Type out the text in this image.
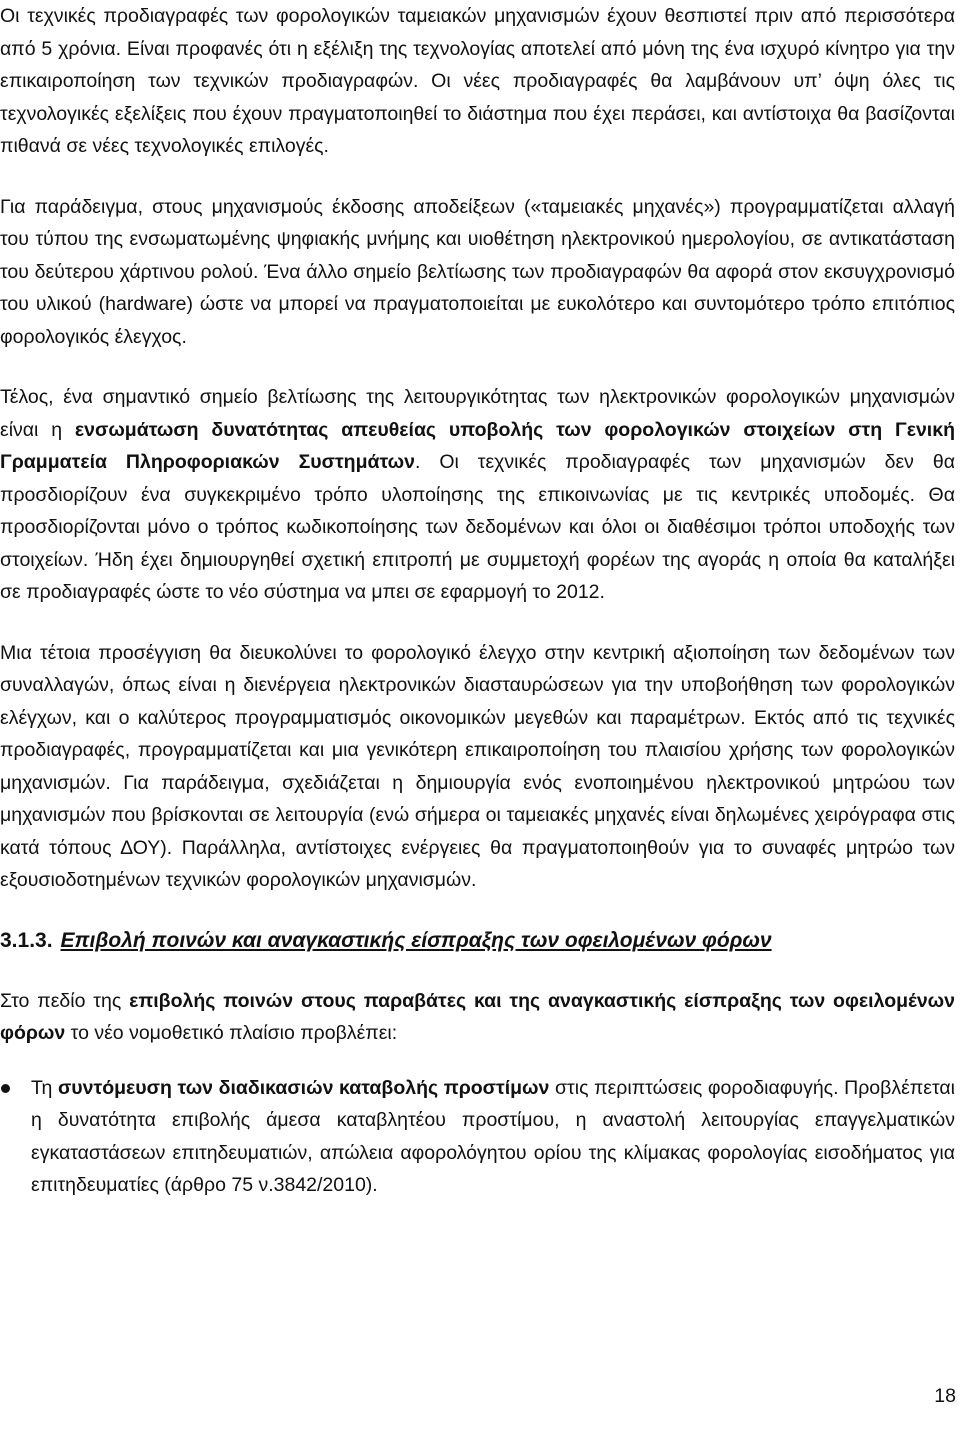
Οι τεχνικές προδιαγραφές των φορολογικών ταμειακών μηχανισμών έχουν θεσπιστεί πριν από περισσότερα από 5 χρόνια. Είναι προφανές ότι η εξέλιξη της τεχνολογίας αποτελεί από μόνη της ένα ισχυρό κίνητρο για την επικαιροποίηση των τεχνικών προδιαγραφών. Οι νέες προδιαγραφές θα λαμβάνουν υπ’ όψη όλες τις τεχνολογικές εξελίξεις που έχουν πραγματοποιηθεί το διάστημα που έχει περάσει, και αντίστοιχα θα βασίζονται πιθανά σε νέες τεχνολογικές επιλογές.

Για παράδειγμα, στους μηχανισμούς έκδοσης αποδείξεων («ταμειακές μηχανές») προγραμματίζεται αλλαγή του τύπου της ενσωματωμένης ψηφιακής μνήμης και υιοθέτηση ηλεκτρονικού ημερολογίου, σε αντικατάσταση του δεύτερου χάρτινου ρολού. Ένα άλλο σημείο βελτίωσης των προδιαγραφών θα αφορά στον εκσυγχρονισμό του υλικού (hardware) ώστε να μπορεί να πραγματοποιείται με ευκολότερο και συντομότερο τρόπο επιτόπιος φορολογικός έλεγχος.

Τέλος, ένα σημαντικό σημείο βελτίωσης της λειτουργικότητας των ηλεκτρονικών φορολογικών μηχανισμών είναι η ενσωμάτωση δυνατότητας απευθείας υποβολής των φορολογικών στοιχείων στη Γενική Γραμματεία Πληροφοριακών Συστημάτων. Οι τεχνικές προδιαγραφές των μηχανισμών δεν θα προσδιορίζουν ένα συγκεκριμένο τρόπο υλοποίησης της επικοινωνίας με τις κεντρικές υποδομές. Θα προσδιορίζονται μόνο ο τρόπος κωδικοποίησης των δεδομένων και όλοι οι διαθέσιμοι τρόποι υποδοχής των στοιχείων. Ήδη έχει δημιουργηθεί σχετική επιτροπή με συμμετοχή φορέων της αγοράς η οποία θα καταλήξει σε προδιαγραφές ώστε το νέο σύστημα να μπει σε εφαρμογή το 2012.

Μια τέτοια προσέγγιση θα διευκολύνει το φορολογικό έλεγχο στην κεντρική αξιοποίηση των δεδομένων των συναλλαγών, όπως είναι η διενέργεια ηλεκτρονικών διασταυρώσεων για την υποβοήθηση των φορολογικών ελέγχων, και ο καλύτερος προγραμματισμός οικονομικών μεγεθών και παραμέτρων. Εκτός από τις τεχνικές προδιαγραφές, προγραμματίζεται και μια γενικότερη επικαιροποίηση του πλαισίου χρήσης των φορολογικών μηχανισμών. Για παράδειγμα, σχεδιάζεται η δημιουργία ενός ενοποιημένου ηλεκτρονικού μητρώου των μηχανισμών που βρίσκονται σε λειτουργία (ενώ σήμερα οι ταμειακές μηχανές είναι δηλωμένες χειρόγραφα στις κατά τόπους ΔΟΥ). Παράλληλα, αντίστοιχες ενέργειες θα πραγματοποιηθούν για το συναφές μητρώο των εξουσιοδοτημένων τεχνικών φορολογικών μηχανισμών.

3.1.3. Επιβολή ποινών και αναγκαστικής είσπραξης των οφειλομένων φόρων

Στο πεδίο της επιβολής ποινών στους παραβάτες και της αναγκαστικής είσπραξης των οφειλομένων φόρων το νέο νομοθετικό πλαίσιο προβλέπει:

Τη συντόμευση των διαδικασιών καταβολής προστίμων στις περιπτώσεις φοροδιαφυγής. Προβλέπεται η δυνατότητα επιβολής άμεσα καταβλητέου προστίμου, η αναστολή λειτουργίας επαγγελματικών εγκαταστάσεων επιτηδευματιών, απώλεια αφορολόγητου ορίου της κλίμακας φορολογίας εισοδήματος για επιτηδευματίες (άρθρο 75 ν.3842/2010).
18
